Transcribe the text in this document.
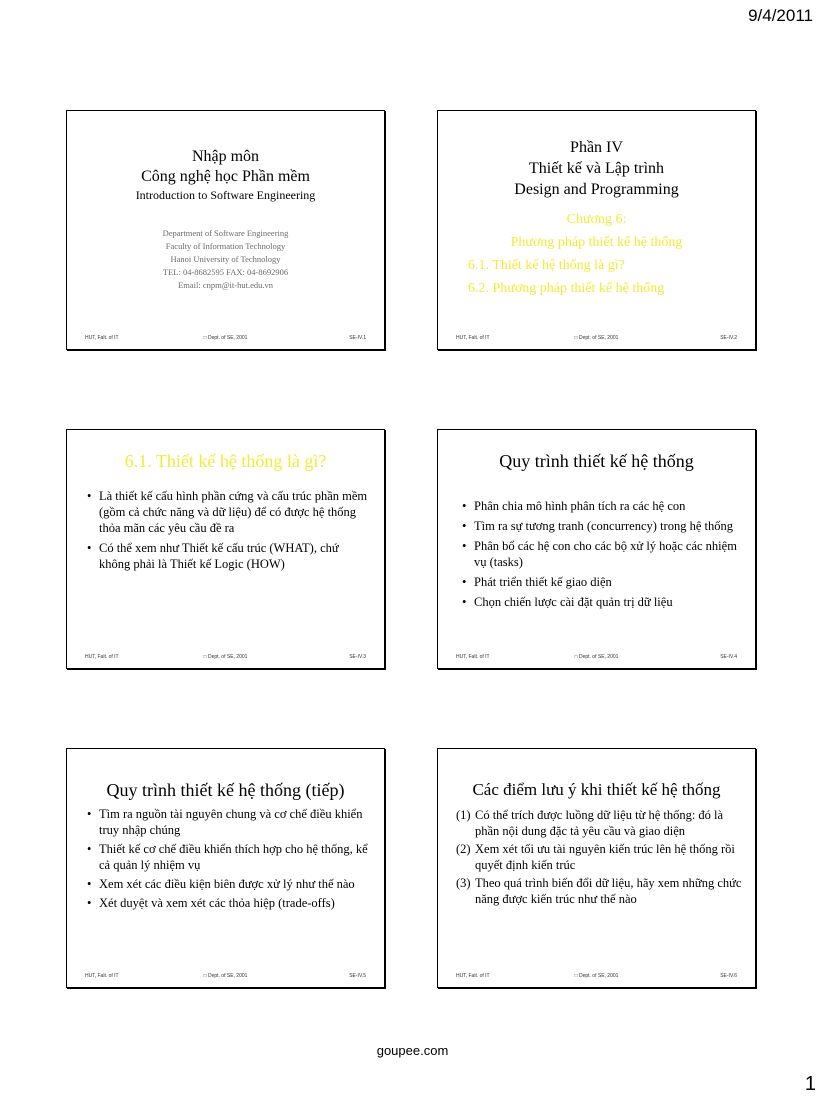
9/4/2011
Nhập môn
Công nghệ học Phần mềm
Introduction to Software Engineering
Department of Software Engineering
Faculty of Information Technology
Hanoi University of Technology
TEL: 04-8682595 FAX: 04-8692906
Email: cnpm@it-hut.edu.vn
HUT, Falt. of IT	□ Dept. of SE, 2001	SE-IV.1
Phần IV
Thiết kế và Lập trình
Design and Programming
Chương 6:
Phương pháp thiết kế hệ thống
6.1. Thiết kế hệ thống là gì?
6.2. Phương pháp thiết kế hệ thống
HUT, Falt. of IT	□ Dept. of SE, 2001	SE-IV.2
6.1. Thiết kế hệ thống là gì?
• Là thiết kế cấu hình phần cứng và cấu trúc phần mềm (gồm cả chức năng và dữ liệu) để có được hệ thống thỏa mãn các yêu cầu đề ra
• Có thể xem như Thiết kế cấu trúc (WHAT), chứ không phải là Thiết kế Logic (HOW)
HUT, Falt. of IT	□ Dept. of SE, 2001	SE-IV.3
Quy trình thiết kế hệ thống
• Phân chia mô hình phân tích ra các hệ con
• Tìm ra sự tương tranh (concurrency) trong hệ thống
• Phân bổ các hệ con cho các bộ xử lý hoặc các nhiệm vụ (tasks)
• Phát triển thiết kế giao diện
• Chọn chiến lược cài đặt quản trị dữ liệu
HUT, Falt. of IT	□ Dept. of SE, 2001	SE-IV.4
Quy trình thiết kế hệ thống (tiếp)
• Tìm ra nguồn tài nguyên chung và cơ chế điều khiển truy nhập chúng
• Thiết kế cơ chế điều khiển thích hợp cho hệ thống, kể cả quản lý nhiệm vụ
• Xem xét các điều kiện biên được xử lý như thế nào
• Xét duyệt và xem xét các thỏa hiệp (trade-offs)
HUT, Falt. of IT	□ Dept. of SE, 2001	SE-IV.5
Các điểm lưu ý khi thiết kế hệ thống
(1) Có thể trích được luồng dữ liệu từ hệ thống: đó là phần nội dung đặc tả yêu cầu và giao diện
(2) Xem xét tối ưu tài nguyên kiến trúc lên hệ thống rồi quyết định kiến trúc
(3) Theo quá trình biến đổi dữ liệu, hãy xem những chức năng được kiến trúc như thế nào
HUT, Falt. of IT	□ Dept. of SE, 2001	SE-IV.6
goupee.com
1
